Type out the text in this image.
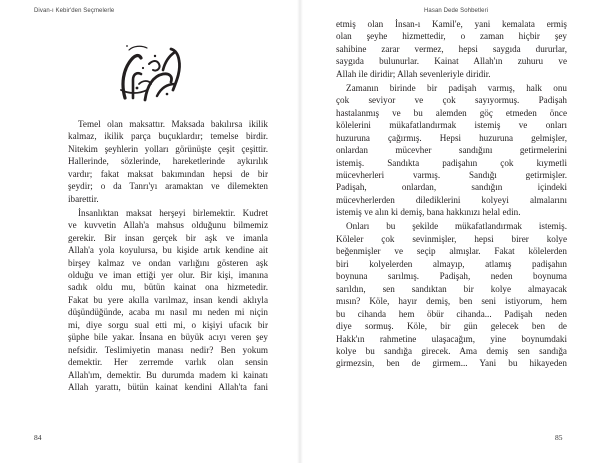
Divan-ı Kebir'den Seçmelerle
Temel olan maksattır. Maksada bakılırsa ikilik
kalmaz, ikilik parça buçuklardır; temelse birdir.
Nitekim şeyhlerin yolları görünüşte çeşit çeşittir.
Hallerinde, sözlerinde, hareketlerinde aykırılık
vardır; fakat maksat bakımından hepsi de bir
şeydir; o da Tanrı'yı aramaktan ve dilemekten
ibarettir.
İnsanlıktan maksat herşeyi birlemektir. Kudret
ve kuvvetin Allah'a mahsus olduğunu bilmemiz
gerekir. Bir insan gerçek bir aşk ve imanla
Allah'a yola koyulursa, bu kişide artık kendine ait
birşey kalmaz ve ondan varlığını gösteren aşk
olduğu ve iman ettiği yer olur. Bir kişi, imanına
sadık oldu mu, bütün kainat ona hizmetedir.
Fakat bu yere akılla varılmaz, insan kendi aklıyla
düşündüğünde, acaba mı nasıl mı neden mi niçin
mi, diye sorgu sual etti mi, o kişiyi ufacık bir
şüphe bile yakar. İnsana en büyük acıyı veren şey
nefsidir. Teslimiyetin manası nedir? Ben yokum
demektir. Her zerremde varlık olan sensin
Allah'ım, demektir. Bu durumda madem ki kainatı
Allah yarattı, bütün kainat kendini Allah'ta fani
84
Hasan Dede Sohbetleri
etmiş olan İnsan-ı Kamil'e, yani kemalata ermiş
olan şeyhe hizmettedir, o zaman hiçbir şey
sahibine zarar vermez, hepsi saygıda dururlar,
saygıda bulunurlar. Kainat Allah'ın zuhuru ve
Allah ile diridir; Allah sevenleriyle diridir.
Zamanın birinde bir padişah varmış, halk onu
çok seviyor ve çok sayıyormuş. Padişah
hastalanmış ve bu alemden göç etmeden önce
kölelerini mükafatlandırmak istemiş ve onları
huzuruna çağırmış. Hepsi huzuruna gelmişler,
onlardan mücevher sandığını getirmelerini
istemiş. Sandıkta padişahın çok kıymetli
mücevherleri varmış. Sandığı getirmişler.
Padişah, onlardan, sandığın içindeki
mücevherlerden dilediklerini kolyeyi almalarını
istemiş ve alın ki demiş, bana hakkınızı helal edin.
Onları bu şekilde mükafatlandırmak istemiş.
Köleler çok sevinmişler, hepsi birer kolye
beğenmişler ve seçip almışlar. Fakat kölelerden
biri kolyelerden almayıp, atlamış padişahın
boynuna sarılmış. Padişah, neden boynuma
sarıldın, sen sandıktan bir kolye almayacak
mısın? Köle, hayır demiş, ben seni istiyorum, hem
bu cihanda hem öbür cihanda... Padişah neden
diye sormuş. Köle, bir gün gelecek ben de
Hakk'ın rahmetine ulaşacağım, yine boynumdaki
kolye bu sandığa girecek. Ama demiş sen sandığa
girmezsin, ben de girmem... Yani bu hikayeden
85
